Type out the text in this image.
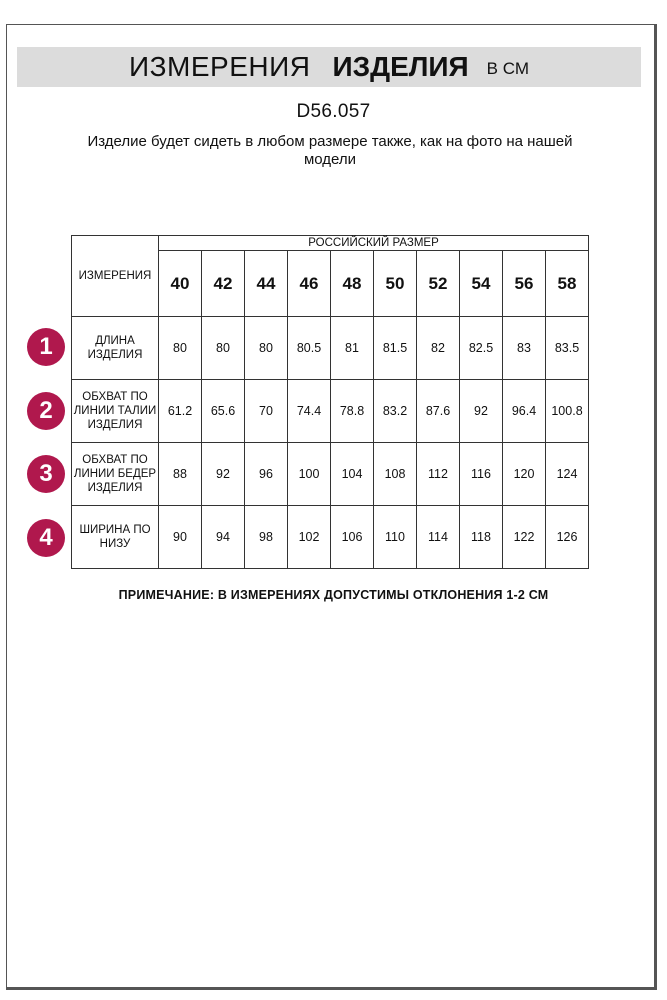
ИЗМЕРЕНИЯ ИЗДЕЛИЯ В СМ
D56.057
Изделие будет сидеть в любом размере также, как на фото на нашей модели
ИЗМЕРЕНИЯ	РОССИЙСКИЙ РАЗМЕР									
	40	42	44	46	48	50	52	54	56	58
ДЛИНА ИЗДЕЛИЯ	80	80	80	80.5	81	81.5	82	82.5	83	83.5
ОБХВАТ ПО ЛИНИИ ТАЛИИ ИЗДЕЛИЯ	61.2	65.6	70	74.4	78.8	83.2	87.6	92	96.4	100.8
ОБХВАТ ПО ЛИНИИ БЕДЕР ИЗДЕЛИЯ	88	92	96	100	104	108	112	116	120	124
ШИРИНА ПО НИЗУ	90	94	98	102	106	110	114	118	122	126
1
2
3
4
ПРИМЕЧАНИЕ: В ИЗМЕРЕНИЯХ ДОПУСТИМЫ ОТКЛОНЕНИЯ 1-2 СМ
